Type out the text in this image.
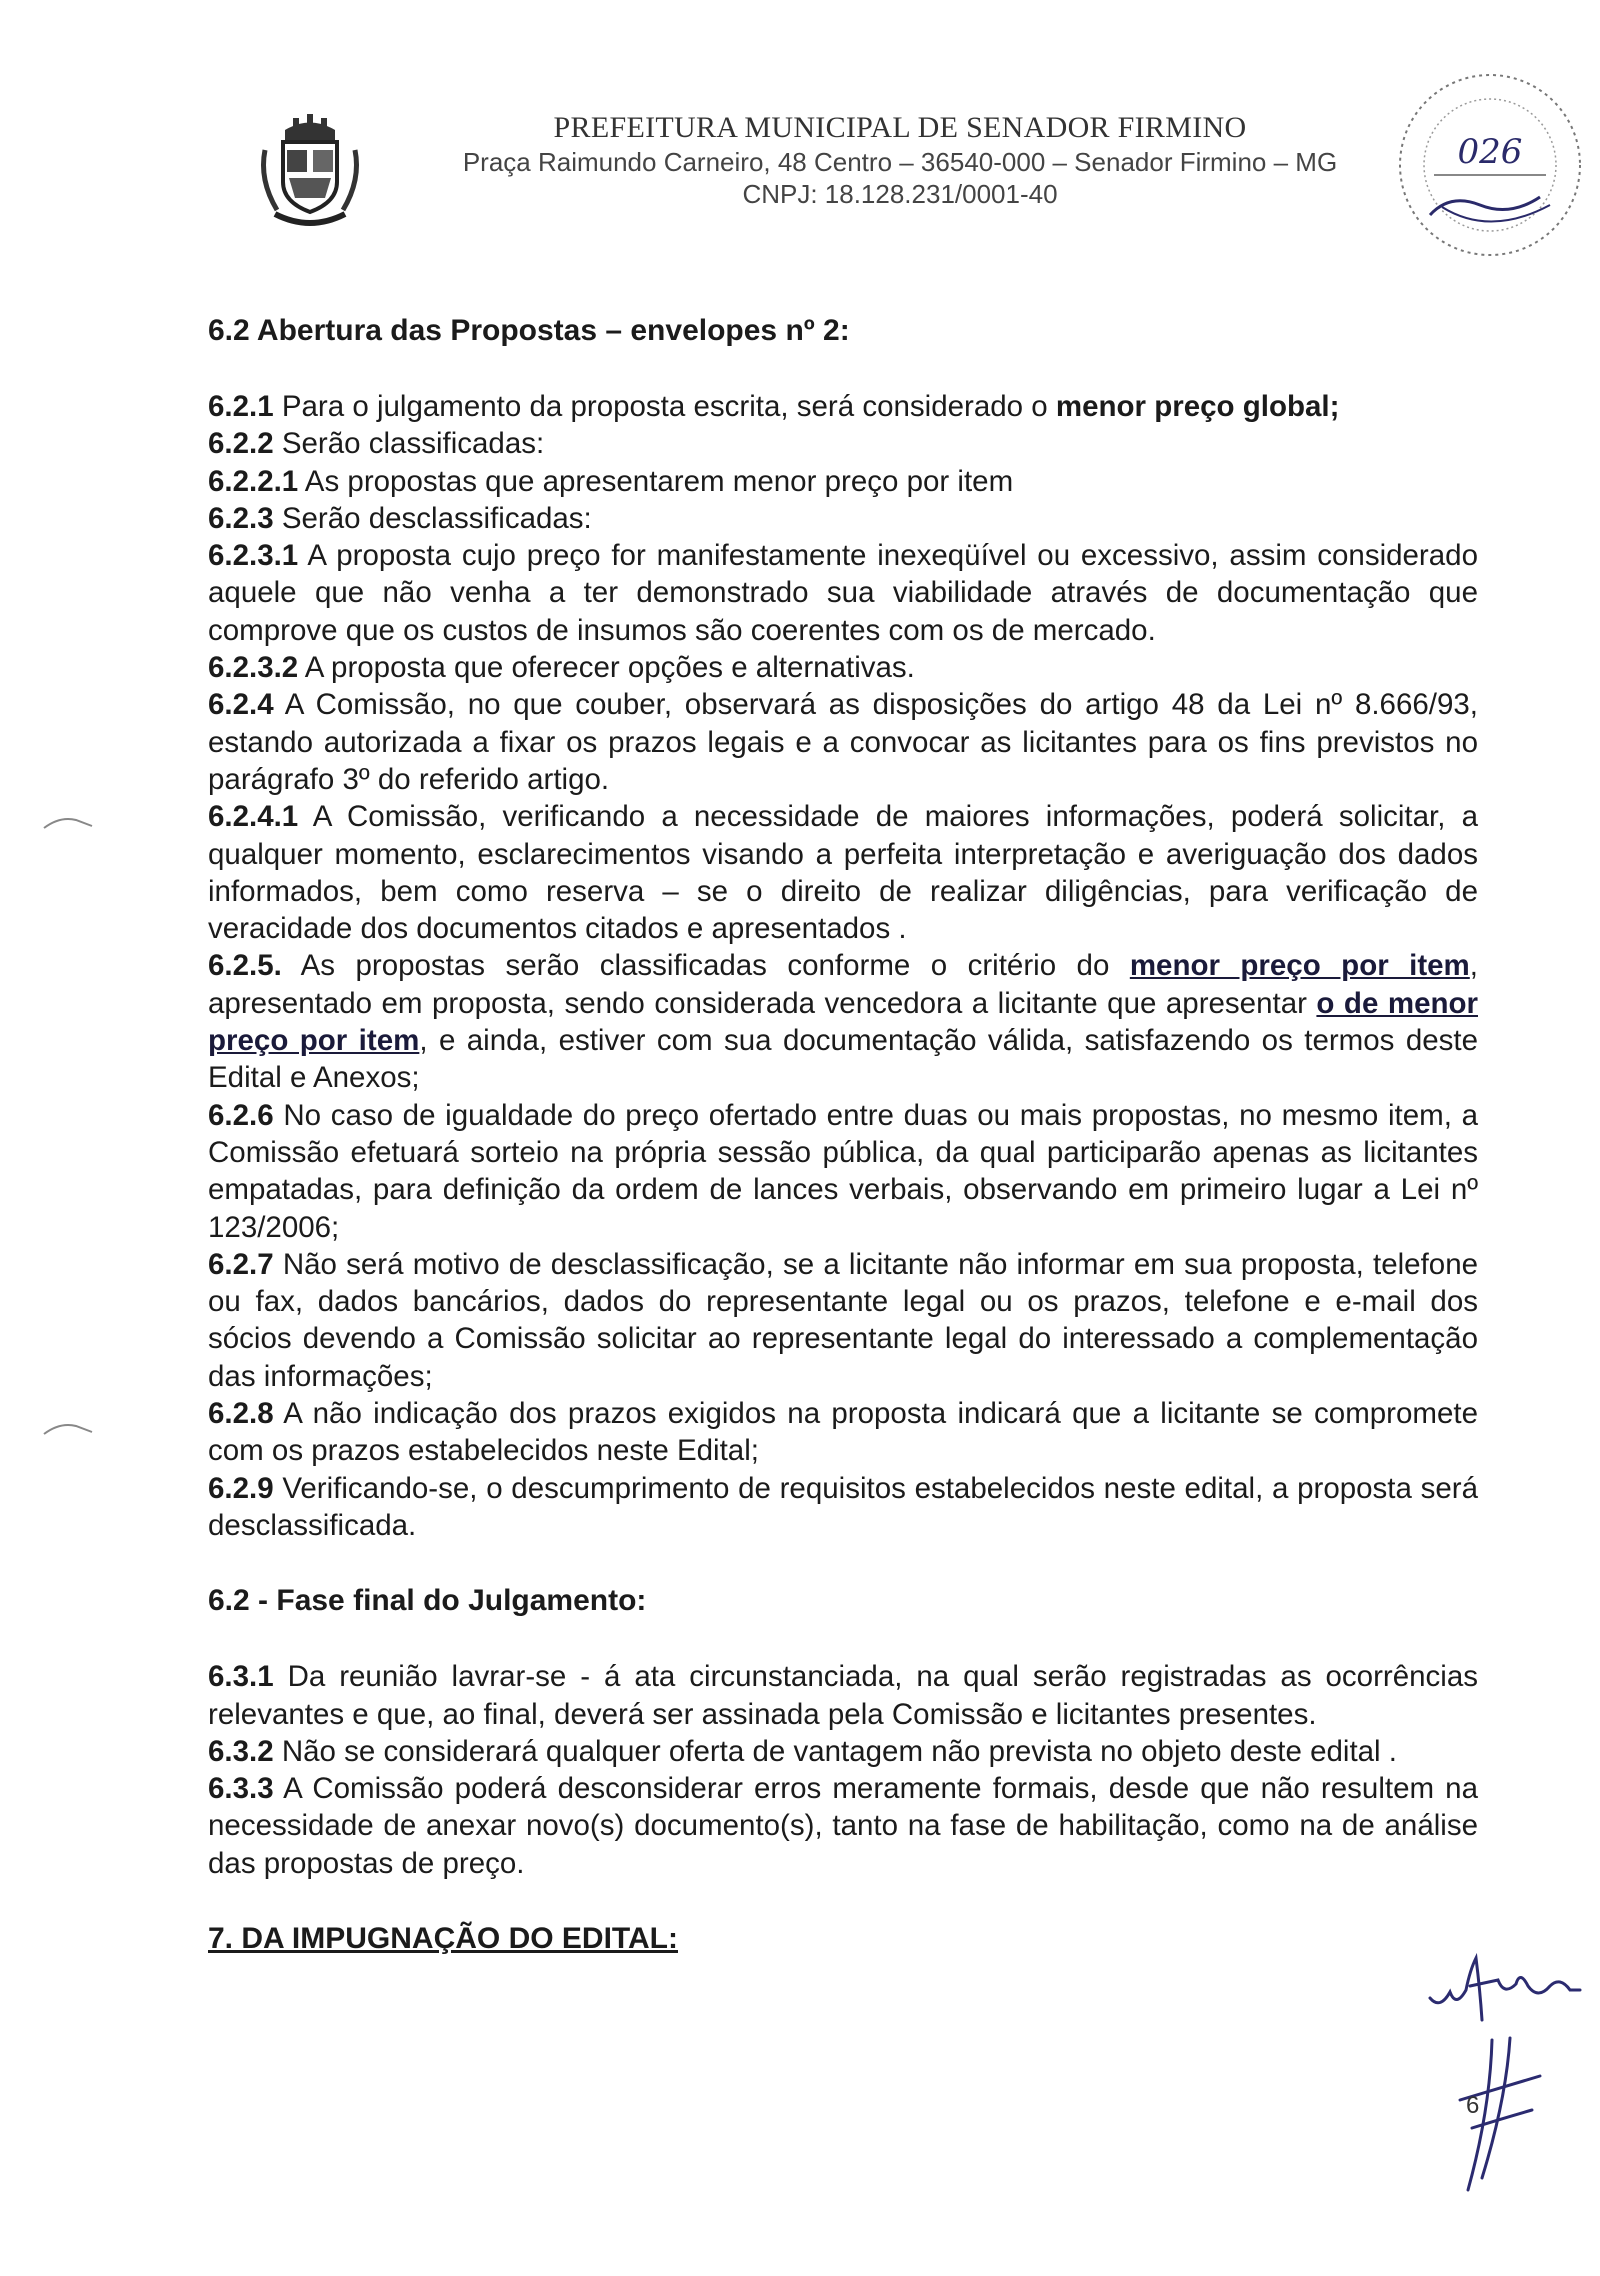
PREFEITURA MUNICIPAL DE SENADOR FIRMINO

Praça Raimundo Carneiro, 48 Centro – 36540-000 – Senador Firmino – MG

CNPJ: 18.128.231/0001-40

026

6.2 Abertura das Propostas – envelopes nº 2:

6.2.1 Para o julgamento da proposta escrita, será considerado o menor preço global;

6.2.2 Serão classificadas:

6.2.2.1 As propostas que apresentarem menor preço por item

6.2.3 Serão desclassificadas:

6.2.3.1 A proposta cujo preço for manifestamente inexeqüível ou excessivo, assim considerado aquele que não venha a ter demonstrado sua viabilidade através de documentação que comprove que os custos de insumos são coerentes com os de mercado.

6.2.3.2 A proposta que oferecer opções e alternativas.

6.2.4 A Comissão, no que couber, observará as disposições do artigo 48 da Lei nº 8.666/93, estando autorizada a fixar os prazos legais e a convocar as licitantes para os fins previstos no parágrafo 3º do referido artigo.

6.2.4.1 A Comissão, verificando a necessidade de maiores informações, poderá solicitar, a qualquer momento, esclarecimentos visando a perfeita interpretação e averiguação dos dados informados, bem como reserva – se o direito de realizar diligências, para verificação de veracidade dos documentos citados e apresentados .

6.2.5. As propostas serão classificadas conforme o critério do menor preço por item, apresentado em proposta, sendo considerada vencedora a licitante que apresentar o de menor preço por item, e ainda, estiver com sua documentação válida, satisfazendo os termos deste Edital e Anexos;

6.2.6 No caso de igualdade do preço ofertado entre duas ou mais propostas, no mesmo item, a Comissão efetuará sorteio na própria sessão pública, da qual participarão apenas as licitantes empatadas, para definição da ordem de lances verbais, observando em primeiro lugar a Lei nº 123/2006;

6.2.7 Não será motivo de desclassificação, se a licitante não informar em sua proposta, telefone ou fax, dados bancários, dados do representante legal ou os prazos, telefone e e-mail dos sócios devendo a Comissão solicitar ao representante legal do interessado a complementação das informações;

6.2.8 A não indicação dos prazos exigidos na proposta indicará que a licitante se compromete com os prazos estabelecidos neste Edital;

6.2.9 Verificando-se, o descumprimento de requisitos estabelecidos neste edital, a proposta será desclassificada.

6.2 - Fase final do Julgamento:

6.3.1 Da reunião lavrar-se - á ata circunstanciada, na qual serão registradas as ocorrências relevantes e que, ao final, deverá ser assinada pela Comissão e licitantes presentes.

6.3.2 Não se considerará qualquer oferta de vantagem não prevista no objeto deste edital .

6.3.3 A Comissão poderá desconsiderar erros meramente formais, desde que não resultem na necessidade de anexar novo(s) documento(s), tanto na fase de habilitação, como na de análise das propostas de preço.

7. DA IMPUGNAÇÃO DO EDITAL:

6
